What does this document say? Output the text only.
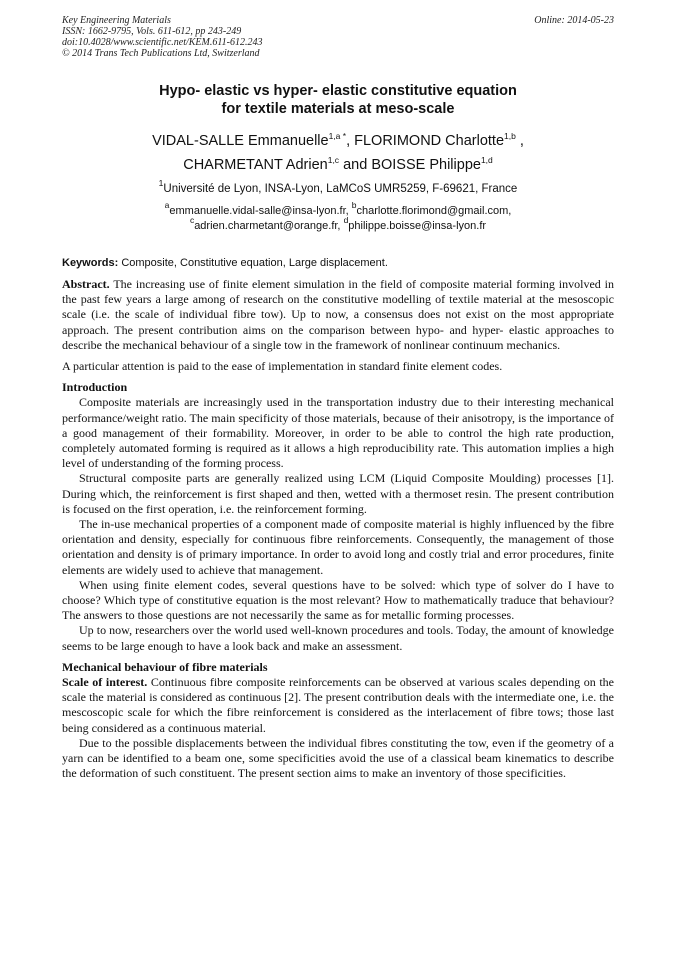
Key Engineering Materials
ISSN: 1662-9795, Vols. 611-612, pp 243-249
doi:10.4028/www.scientific.net/KEM.611-612.243
© 2014 Trans Tech Publications Ltd, Switzerland
Online: 2014-05-23
Hypo- elastic vs hyper- elastic constitutive equation
for textile materials at meso-scale
VIDAL-SALLE Emmanuelle$^{1,a *}$, FLORIMOND Charlotte$^{1,b}$ ,
CHARMETANT Adrien$^{1,c}$ and BOISSE Philippe$^{1,d}$
$^1$Université de Lyon, INSA-Lyon, LaMCoS UMR5259, F-69621, France
$^a$emmanuelle.vidal-salle@insa-lyon.fr, $^b$charlotte.florimond@gmail.com,
$^c$adrien.charmetant@orange.fr, $^d$philippe.boisse@insa-lyon.fr
Keywords: Composite, Constitutive equation, Large displacement.

Abstract. The increasing use of finite element simulation in the field of composite material forming involved in the past few years a large among of research on the constitutive modelling of textile material at the mesoscopic scale (i.e. the scale of individual fibre tow). Up to now, a consensus does not exist on the most appropriate approach. The present contribution aims on the comparison between hypo- and hyper- elastic approaches to describe the mechanical behaviour of a single tow in the framework of nonlinear continuum mechanics.

A particular attention is paid to the ease of implementation in standard finite element codes.

Introduction

Composite materials are increasingly used in the transportation industry due to their interesting mechanical performance/weight ratio. The main specificity of those materials, because of their anisotropy, is the importance of a good management of their formability. Moreover, in order to be able to control the high rate production, completely automated forming is required as it allows a high reproducibility rate. This automation implies a high level of understanding of the forming process.

Structural composite parts are generally realized using LCM (Liquid Composite Moulding) processes [1]. During which, the reinforcement is first shaped and then, wetted with a thermoset resin. The present contribution is focused on the first operation, i.e. the reinforcement forming.

The in-use mechanical properties of a component made of composite material is highly influenced by the fibre orientation and density, especially for continuous fibre reinforcements. Consequently, the management of those orientation and density is of primary importance. In order to avoid long and costly trial and error procedures, finite elements are widely used to achieve that management.

When using finite element codes, several questions have to be solved: which type of solver do I have to choose? Which type of constitutive equation is the most relevant? How to mathematically traduce that behaviour? The answers to those questions are not necessarily the same as for metallic forming processes.

Up to now, researchers over the world used well-known procedures and tools. Today, the amount of knowledge seems to be large enough to have a look back and make an assessment.

Mechanical behaviour of fibre materials

Scale of interest. Continuous fibre composite reinforcements can be observed at various scales depending on the scale the material is considered as continuous [2]. The present contribution deals with the intermediate one, i.e. the mescoscopic scale for which the fibre reinforcement is considered as the interlacement of fibre tows; those last being considered as a continuous material.

Due to the possible displacements between the individual fibres constituting the tow, even if the geometry of a yarn can be identified to a beam one, some specificities avoid the use of a classical beam kinematics to describe the deformation of such constituent. The present section aims to make an inventory of those specificities.
